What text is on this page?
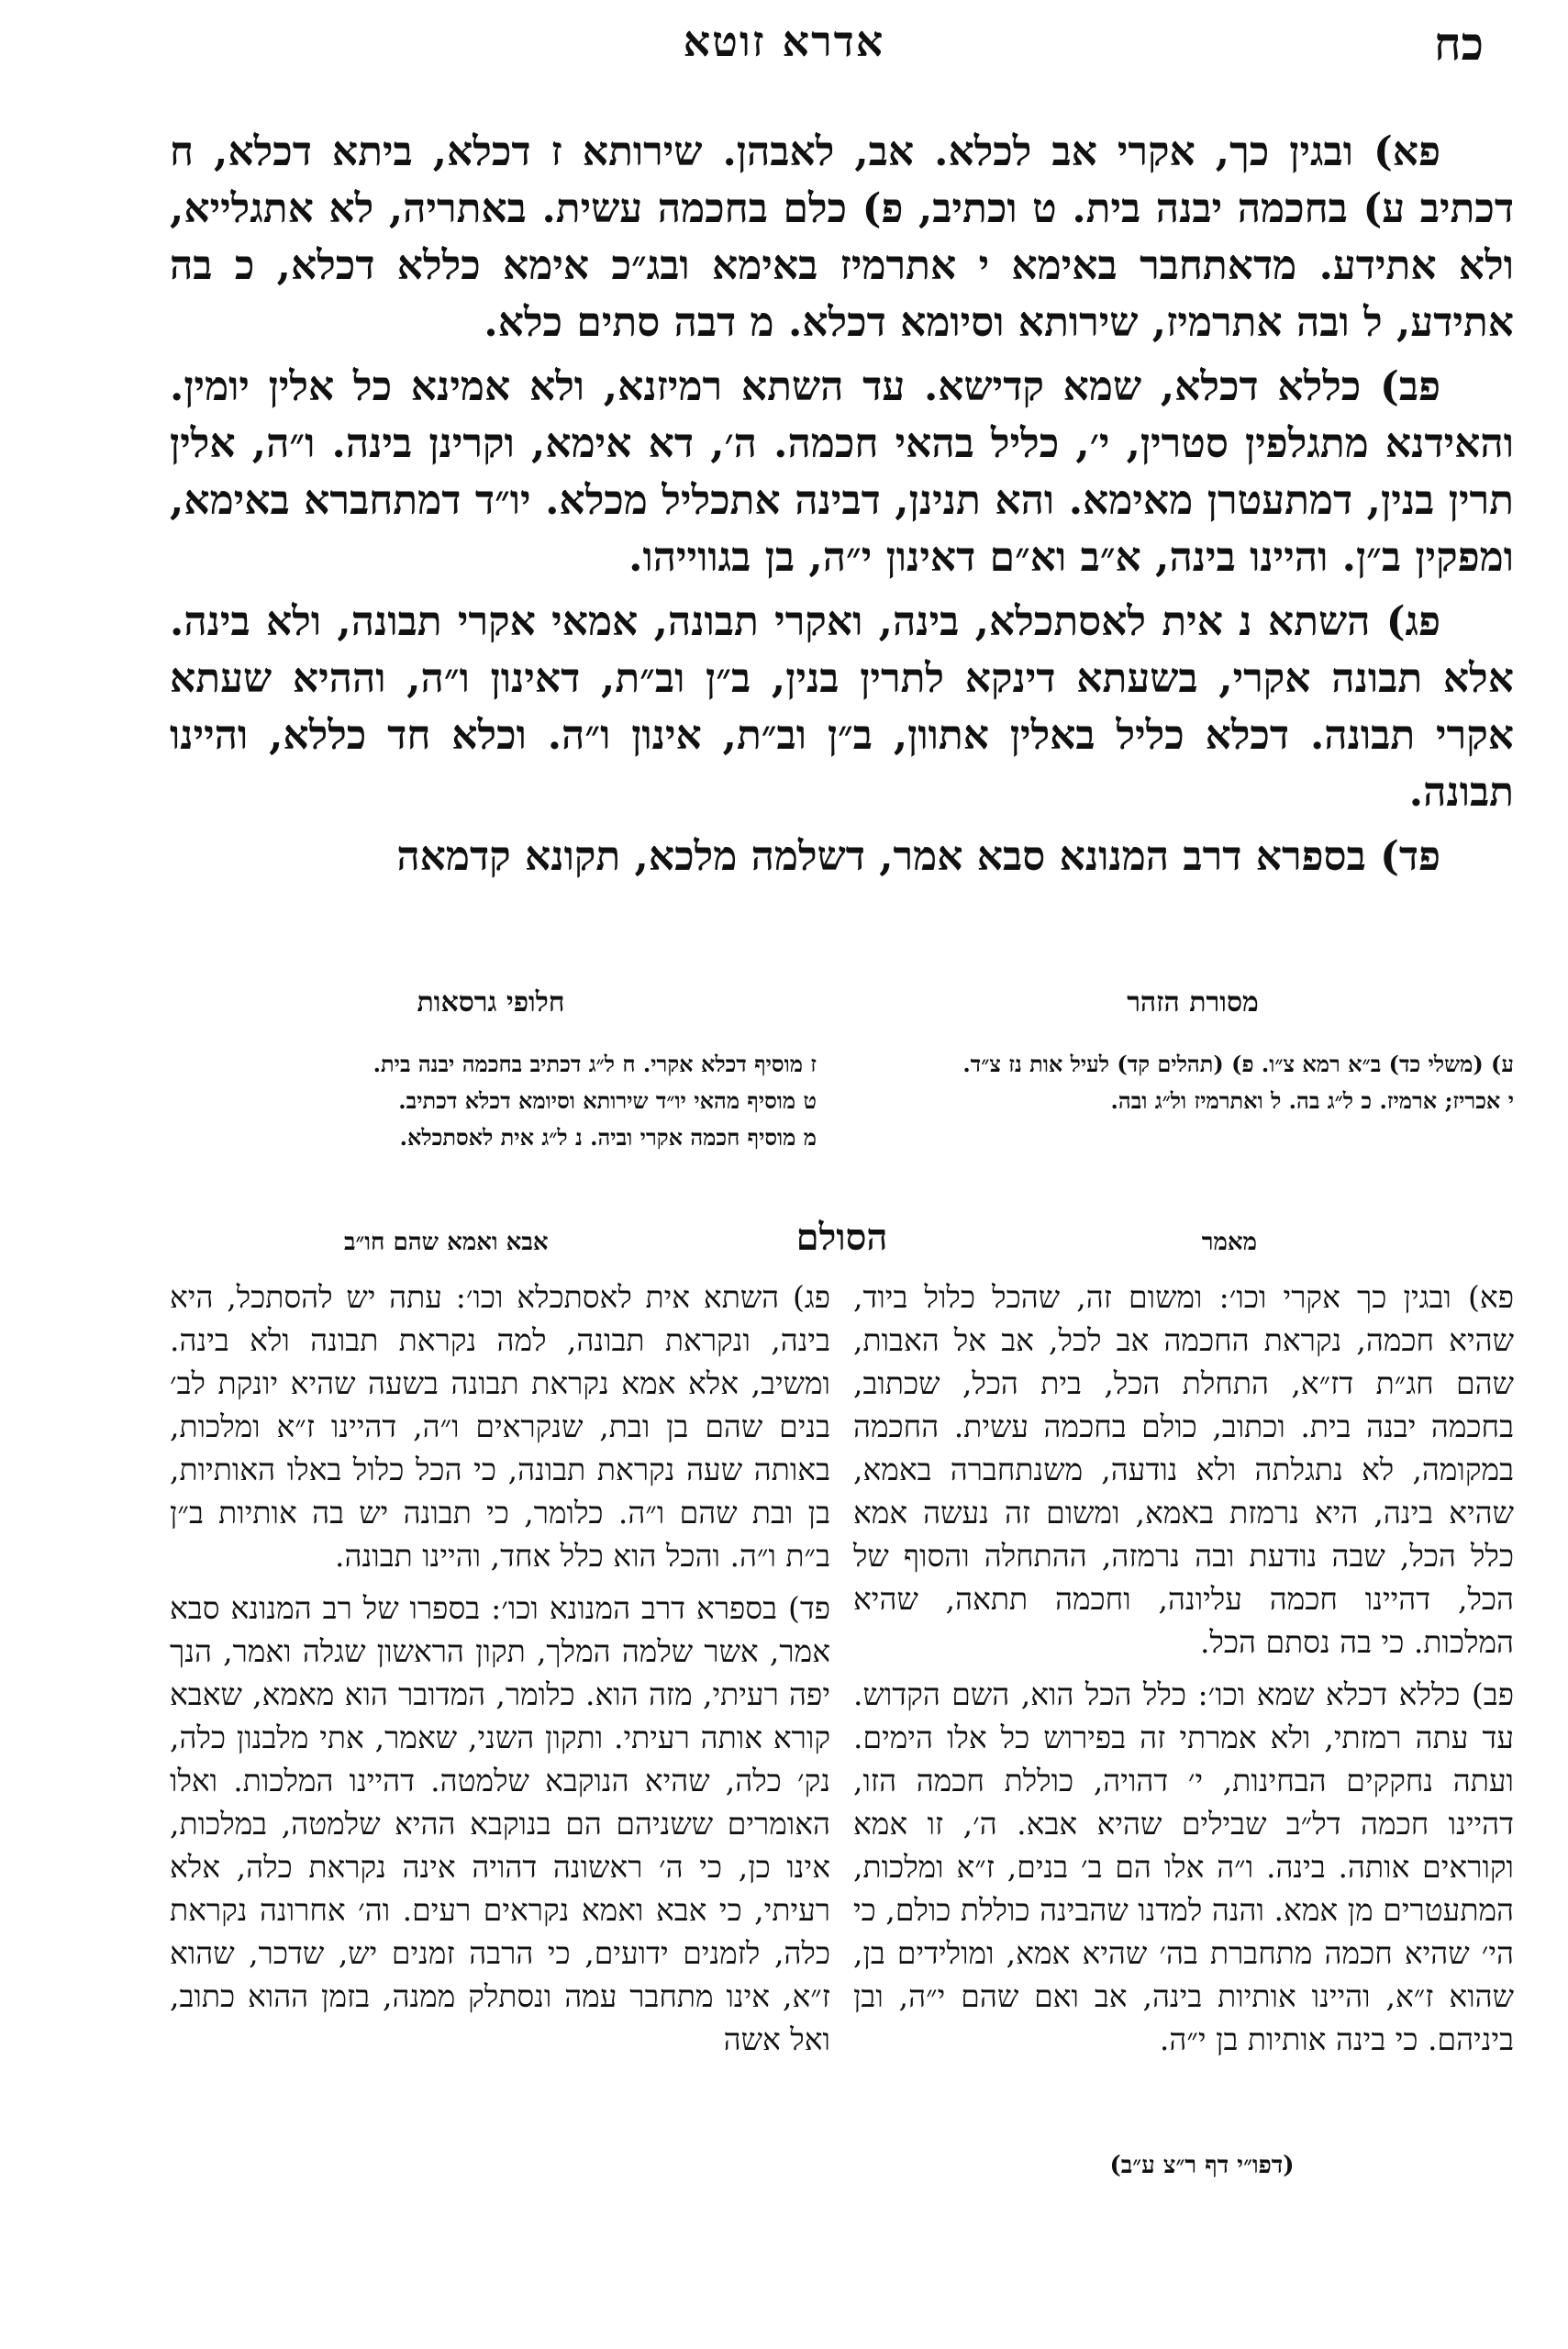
אדרא זוטא	כח

פא) ובגין כך, אקרי אב לכלא. אב, לאבהן. שירותא ז דכלא, ביתא דכלא, ח דכתיב ע) בחכמה יבנה בית. ט וכתיב, פ) כלם בחכמה עשית. באתריה, לא אתגלייא, ולא אתידע. מדאתחבר באימא י אתרמיז באימא ובג״כ אימא כללא דכלא, כ בה אתידע, ל ובה אתרמיז, שירותא וסיומא דכלא. מ דבה סתים כלא.

פב) כללא דכלא, שמא קדישא. עד השתא רמיזנא, ולא אמינא כל אלין יומין. והאידנא מתגלפין סטרין, י׳, כליל בהאי חכמה. ה׳, דא אימא, וקרינן בינה. ו״ה, אלין תרין בנין, דמתעטרן מאימא. והא תנינן, דבינה אתכליל מכלא. יו״ד דמתחברא באימא, ומפקין ב״ן. והיינו בינה, א״ב וא״ם דאינון י״ה, בן בגווייהו.

פג) השתא נ אית לאסתכלא, בינה, ואקרי תבונה, אמאי אקרי תבונה, ולא בינה. אלא תבונה אקרי, בשעתא דינקא לתרין בנין, ב״ן וב״ת, דאינון ו״ה, וההיא שעתא אקרי תבונה. דכלא כליל באלין אתוון, ב״ן וב״ת, אינון ו״ה. וכלא חד כללא, והיינו תבונה.

פד) בספרא דרב המנונא סבא אמר, דשלמה מלכא, תקונא קדמאה

מסורת הזהר
חלופי גרסאות
ע) (משלי כד) ב״א רמא צ״ו. פ) (תהלים קד) לעיל אות נז צ״ד.
י אכריז; ארמיז. כ ל״ג בה. ל ואתרמיז ול״ג ובה.
ז מוסיף דכלא אקרי. ח ל״ג דכתיב בחכמה יבנה בית.
ט מוסיף מהאי יו״ד שירותא וסיומא דכלא דכתיב.
מ מוסיף חכמה אקרי וביה. נ ל״ג אית לאסתכלא.
הסולם	מאמר
אבא ואמא שהם חו״ב

פא) ובגין כך אקרי וכו׳: ומשום זה, שהכל כלול ביוד, שהיא חכמה, נקראת החכמה אב לכל, אב אל האבות, שהם חג״ת דז״א, התחלת הכל, בית הכל, שכתוב, בחכמה יבנה בית. וכתוב, כולם בחכמה עשית. החכמה במקומה, לא נתגלתה ולא נודעה, משנתחברה באמא, שהיא בינה, היא נרמזת באמא, ומשום זה נעשה אמא כלל הכל, שבה נודעת ובה נרמזה, ההתחלה והסוף של הכל, דהיינו חכמה עליונה, וחכמה תתאה, שהיא המלכות. כי בה נסתם הכל.

פב) כללא דכלא שמא וכו׳: כלל הכל הוא, השם הקדוש. עד עתה רמזתי, ולא אמרתי זה בפירוש כל אלו הימים. ועתה נחקקים הבחינות, י׳ דהויה, כוללת חכמה הזו, דהיינו חכמה דל״ב שבילים שהיא אבא. ה׳, זו אמא וקוראים אותה. בינה. ו״ה אלו הם ב׳ בנים, ז״א ומלכות, המתעטרים מן אמא. והנה למדנו שהבינה כוללת כולם, כי הי׳ שהיא חכמה מתחברת בה׳ שהיא אמא, ומולידים בן, שהוא ז״א, והיינו אותיות בינה, אב ואם שהם י״ה, ובן ביניהם. כי בינה אותיות בן י״ה.

פג) השתא אית לאסתכלא וכו׳: עתה יש להסתכל, היא בינה, ונקראת תבונה, למה נקראת תבונה ולא בינה. ומשיב, אלא אמא נקראת תבונה בשעה שהיא יונקת לב׳ בנים שהם בן ובת, שנקראים ו״ה, דהיינו ז״א ומלכות, באותה שעה נקראת תבונה, כי הכל כלול באלו האותיות, בן ובת שהם ו״ה. כלומר, כי תבונה יש בה אותיות ב״ן ב״ת ו״ה. והכל הוא כלל אחד, והיינו תבונה.

פד) בספרא דרב המנונא וכו׳: בספרו של רב המנונא סבא אמר, אשר שלמה המלך, תקון הראשון שגלה ואמר, הנך יפה רעיתי, מזה הוא. כלומר, המדובר הוא מאמא, שאבא קורא אותה רעיתי. ותקון השני, שאמר, אתי מלבנון כלה, נק׳ כלה, שהיא הנוקבא שלמטה. דהיינו המלכות. ואלו האומרים ששניהם הם בנוקבא ההיא שלמטה, במלכות, אינו כן, כי ה׳ ראשונה דהויה אינה נקראת כלה, אלא רעיתי, כי אבא ואמא נקראים רעים. וה׳ אחרונה נקראת כלה, לזמנים ידועים, כי הרבה זמנים יש, שדכר, שהוא ז״א, אינו מתחבר עמה ונסתלק ממנה, בזמן ההוא כתוב, ואל אשה

(דפו״י דף ר״צ ע״ב)
